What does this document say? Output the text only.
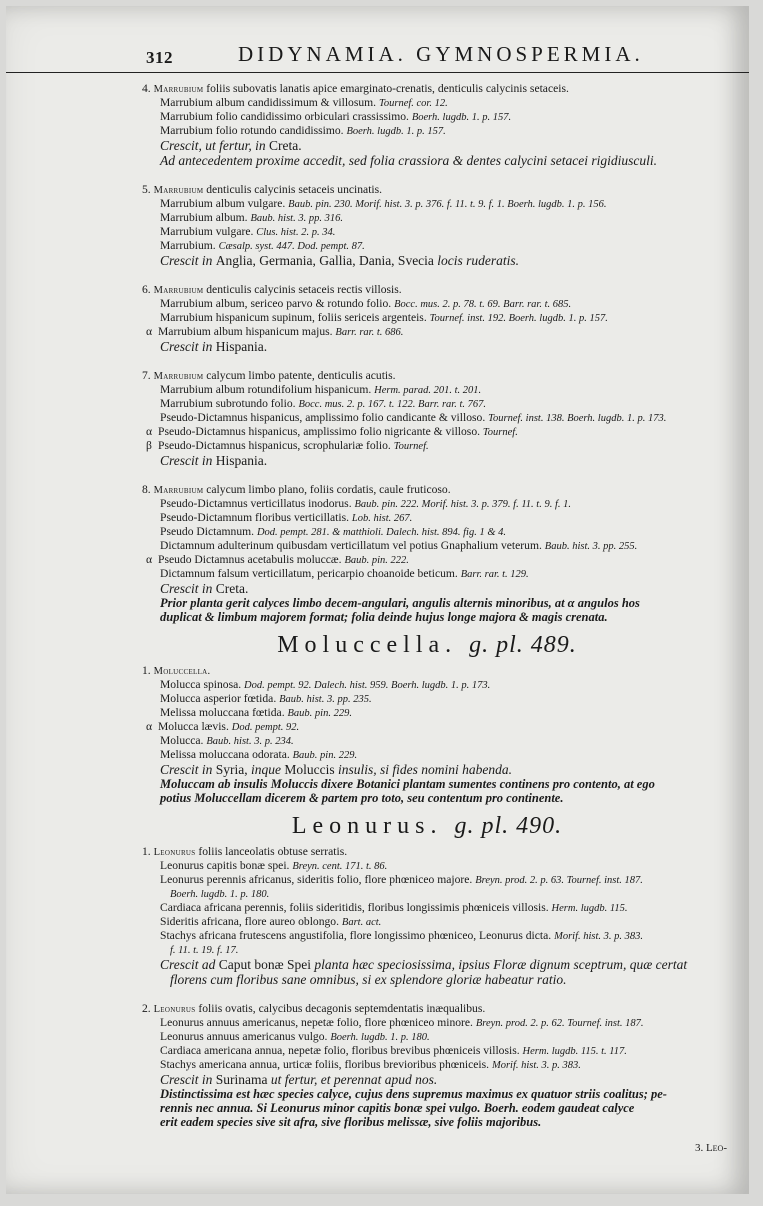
312	DIDYNAMIA. GYMNOSPERMIA.
4. Marrubium foliis subovatis lanatis apice emarginato-crenatis, denticulis calycinis setaceis.
Marrubium album candidissimum & villosum. Tournef. cor. 12.
Marrubium folio candidissimo orbiculari crassissimo. Boerh. lugdb. 1. p. 157.
Marrubium folio rotundo candidissimo. Boerh. lugdb. 1. p. 157.
Crescit, ut fertur, in Creta.
Ad antecedentem proxime accedit, sed folia crassiora & dentes calycini setacei rigidiusculi.
5. Marrubium denticulis calycinis setaceis uncinatis.
Marrubium album vulgare. Baub. pin. 230. Morif. hist. 3. p. 376. f. 11. t. 9. f. 1. Boerh. lugdb. 1. p. 156.
Marrubium album. Baub. hist. 3. pp. 316.
Marrubium vulgare. Clus. hist. 2. p. 34.
Marrubium. Cæsalp. syst. 447. Dod. pempt. 87.
Crescit in Anglia, Germania, Gallia, Dania, Svecia locis ruderatis.
6. Marrubium denticulis calycinis setaceis rectis villosis.
Marrubium album, sericeo parvo & rotundo folio. Bocc. mus. 2. p. 78. t. 69. Barr. rar. t. 685.
Marrubium hispanicum supinum, foliis sericeis argenteis. Tournef. inst. 192. Boerh. lugdb. 1. p. 157.
α Marrubium album hispanicum majus. Barr. rar. t. 686.
Crescit in Hispania.
7. Marrubium calycum limbo patente, denticulis acutis.
Marrubium album rotundifolium hispanicum. Herm. parad. 201. t. 201.
Marrubium subrotundo folio. Bocc. mus. 2. p. 167. t. 122. Barr. rar. t. 767.
Pseudo-Dictamnus hispanicus, amplissimo folio candicante & villoso. Tournef. inst. 138. Boerh. lugdb. 1. p. 173.
α Pseudo-Dictamnus hispanicus, amplissimo folio nigricante & villoso. Tournef.
β Pseudo-Dictamnus hispanicus, scrophulariæ folio. Tournef.
Crescit in Hispania.
8. Marrubium calycum limbo plano, foliis cordatis, caule fruticoso.
Pseudo-Dictamnus verticillatus inodorus. Baub. pin. 222. Morif. hist. 3. p. 379. f. 11. t. 9. f. 1.
Pseudo-Dictamnum floribus verticillatis. Lob. hist. 267.
Pseudo Dictamnum. Dod. pempt. 281. & matthioli. Dalech. hist. 894. fig. 1 & 4.
Dictamnum adulterinum quibusdam verticillatum vel potius Gnaphalium veterum. Baub. hist. 3. pp. 255.
α Pseudo Dictamnus acetabulis moluccæ. Baub. pin. 222.
Dictamnum falsum verticillatum, pericarpio choanoide beticum. Barr. rar. t. 129.
Crescit in Creta.
Prior planta gerit calyces limbo decem-angulari, angulis alternis minoribus, at α angulos hos
duplicat & limbum majorem format; folia deinde hujus longe majora & magis crenata.
Moluccella. g. pl. 489.
1. Moluccella.
Molucca spinosa. Dod. pempt. 92. Dalech. hist. 959. Boerh. lugdb. 1. p. 173.
Molucca asperior fœtida. Baub. hist. 3. pp. 235.
Melissa moluccana fœtida. Baub. pin. 229.
α Molucca lævis. Dod. pempt. 92.
Molucca. Baub. hist. 3. p. 234.
Melissa moluccana odorata. Baub. pin. 229.
Crescit in Syria, inque Moluccis insulis, si fides nomini habenda.
Moluccam ab insulis Moluccis dixere Botanici plantam sumentes continens pro contento, at ego
potius Moluccellam dicerem & partem pro toto, seu contentum pro continente.
Leonurus. g. pl. 490.
1. Leonurus foliis lanceolatis obtuse serratis.
Leonurus capitis bonæ spei. Breyn. cent. 171. t. 86.
Leonurus perennis africanus, sideritis folio, flore phœniceo majore. Breyn. prod. 2. p. 63. Tournef. inst. 187.
Boerh. lugdb. 1. p. 180.
Cardiaca africana perennis, foliis sideritidis, floribus longissimis phœniceis villosis. Herm. lugdb. 115.
Sideritis africana, flore aureo oblongo. Bart. act.
Stachys africana frutescens angustifolia, flore longissimo phœniceo, Leonurus dicta. Morif. hist. 3. p. 383.
f. 11. t. 19. f. 17.
Crescit ad Caput bonæ Spei planta hæc speciosissima, ipsius Floræ dignum sceptrum, quæ certat
florens cum floribus sane omnibus, si ex splendore gloriæ habeatur ratio.
2. Leonurus foliis ovatis, calycibus decagonis septemdentatis inæqualibus.
Leonurus annuus americanus, nepetæ folio, flore phœniceo minore. Breyn. prod. 2. p. 62. Tournef. inst. 187.
Leonurus annuus americanus vulgo. Boerh. lugdb. 1. p. 180.
Cardiaca americana annua, nepetæ folio, floribus brevibus phœniceis villosis. Herm. lugdb. 115. t. 117.
Stachys americana annua, urticæ foliis, floribus brevioribus phœniceis. Morif. hist. 3. p. 383.
Crescit in Surinama ut fertur, et perennat apud nos.
Distinctissima est hæc species calyce, cujus dens supremus maximus ex quatuor striis coalitus; pe-
rennis nec annua. Si Leonurus minor capitis bonæ spei vulgo. Boerh. eodem gaudeat calyce
erit eadem species sive sit afra, sive floribus melissæ, sive foliis majoribus.
3. Leo-
